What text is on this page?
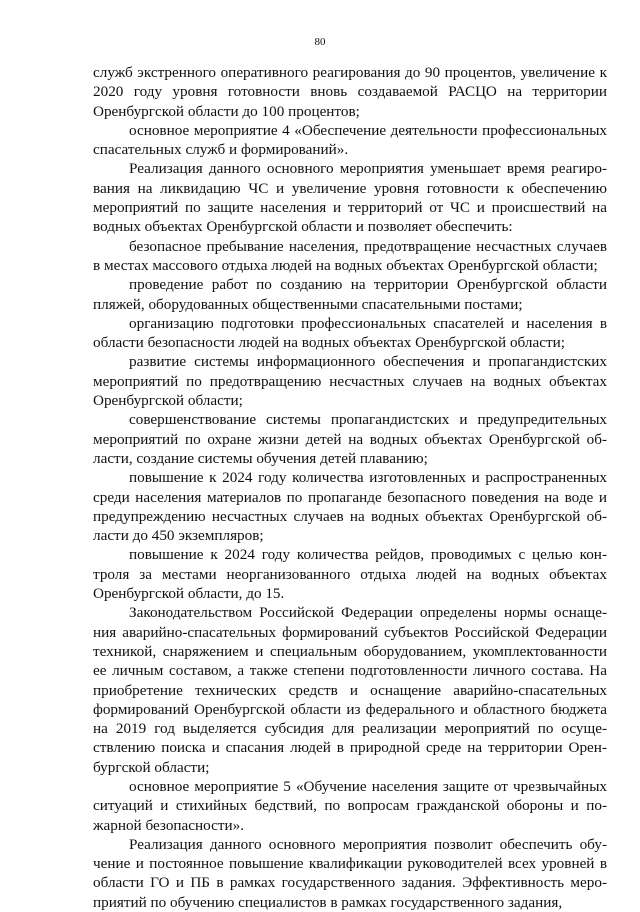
80

служб экстренного оперативного реагирования до 90 процентов, увеличение к 2020 году уровня готовности вновь создаваемой РАСЦО на территории Оренбургской области до 100 процентов;

основное мероприятие 4 «Обеспечение деятельности профессиональных спасательных служб и формирований».

Реализация данного основного мероприятия уменьшает время реагирования на ликвидацию ЧС и увеличение уровня готовности к обеспечению мероприятий по защите населения и территорий от ЧС и происшествий на водных объектах Оренбургской области и позволяет обеспечить:

безопасное пребывание населения, предотвращение несчастных случаев в местах массового отдыха людей на водных объектах Оренбургской области;

проведение работ по созданию на территории Оренбургской области пляжей, оборудованных общественными спасательными постами;

организацию подготовки профессиональных спасателей и населения в области безопасности людей на водных объектах Оренбургской области;

развитие системы информационного обеспечения и пропагандистских мероприятий по предотвращению несчастных случаев на водных объектах Оренбургской области;

совершенствование системы пропагандистских и предупредительных мероприятий по охране жизни детей на водных объектах Оренбургской области, создание системы обучения детей плаванию;

повышение к 2024 году количества изготовленных и распространенных среди населения материалов по пропаганде безопасного поведения на воде и предупреждению несчастных случаев на водных объектах Оренбургской области до 450 экземпляров;

повышение к 2024 году количества рейдов, проводимых с целью контроля за местами неорганизованного отдыха людей на водных объектах Оренбургской области, до 15.

Законодательством Российской Федерации определены нормы оснащения аварийно-спасательных формирований субъектов Российской Федерации техникой, снаряжением и специальным оборудованием, укомплектованности ее личным составом, а также степени подготовленности личного состава. На приобретение технических средств и оснащение аварийно-спасательных формирований Оренбургской области из федерального и областного бюджета на 2019 год выделяется субсидия для реализации мероприятий по осуществлению поиска и спасания людей в природной среде на территории Оренбургской области;

основное мероприятие 5 «Обучение населения защите от чрезвычайных ситуаций и стихийных бедствий, по вопросам гражданской обороны и пожарной безопасности».

Реализация данного основного мероприятия позволит обеспечить обучение и постоянное повышение квалификации руководителей всех уровней в области ГО и ПБ в рамках государственного задания. Эффективность мероприятий по обучению специалистов в рамках государственного задания,
